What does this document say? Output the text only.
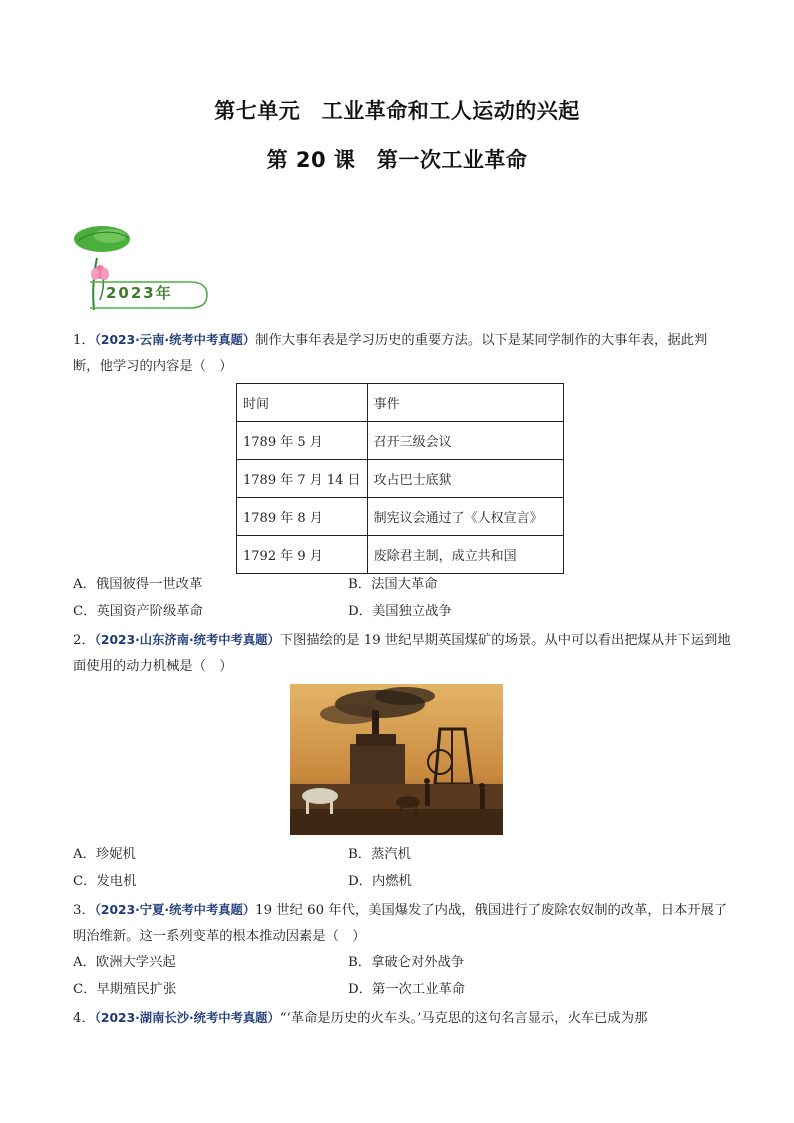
第七单元　工业革命和工人运动的兴起
第 20 课　第一次工业革命
2023年
1．（2023·云南·统考中考真题）制作大事年表是学习历史的重要方法。以下是某同学制作的大事年表，据此判断，他学习的内容是（　）
时间	事件
1789 年 5 月	召开三级会议
1789 年 7 月 14 日	攻占巴士底狱
1789 年 8 月	制宪议会通过了《人权宣言》
1792 年 9 月	废除君主制，成立共和国
A．俄国彼得一世改革	B．法国大革命
C．英国资产阶级革命	D．美国独立战争
2．（2023·山东济南·统考中考真题）下图描绘的是 19 世纪早期英国煤矿的场景。从中可以看出把煤从井下运到地面使用的动力机械是（　）
A．珍妮机	B．蒸汽机
C．发电机	D．内燃机
3．（2023·宁夏·统考中考真题）19 世纪 60 年代，美国爆发了内战，俄国进行了废除农奴制的改革，日本开展了明治维新。这一系列变革的根本推动因素是（　）
A．欧洲大学兴起	B．拿破仑对外战争
C．早期殖民扩张	D．第一次工业革命
4．（2023·湖南长沙·统考中考真题）“‘革命是历史的火车头。’马克思的这句名言显示，火车已成为那
